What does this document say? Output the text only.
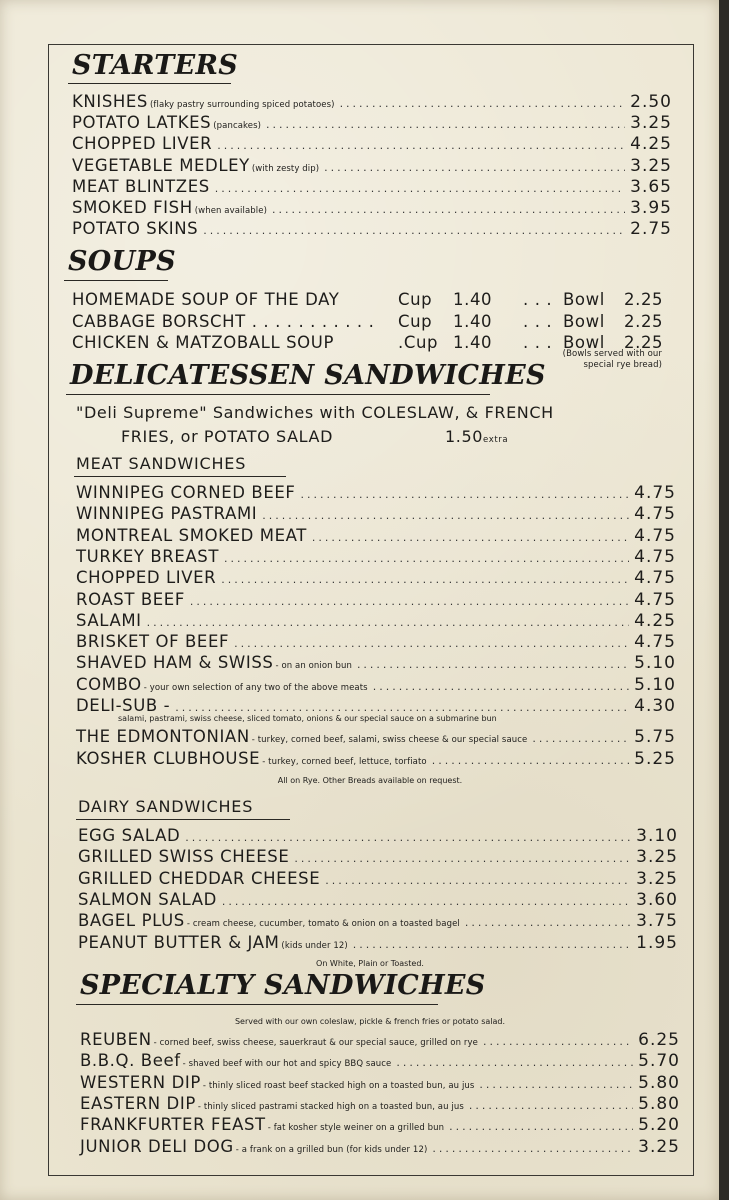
STARTERS
KNISHES (flaky pastry surrounding spiced potatoes) .....	2.50
POTATO LATKES (pancakes) .....	3.25
CHOPPED LIVER .....	4.25
VEGETABLE MEDLEY (with zesty dip) .....	3.25
MEAT BLINTZES .....	3.65
SMOKED FISH (when available) .....	3.95
POTATO SKINS .....	2.75
SOUPS
HOMEMADE SOUP OF THE DAY	Cup 1.40 . . . Bowl 2.25
CABBAGE BORSCHT . . . . . . . . . . . Cup 1.40 . . . Bowl 2.25
CHICKEN & MATZOBALL SOUP	.Cup 1.40 . . . Bowl 2.25
(Bowls served with our
special rye bread)
DELICATESSEN SANDWICHES
"Deli Supreme" Sandwiches with COLESLAW, & FRENCH
FRIES, or POTATO SALAD	1.50extra
MEAT SANDWICHES
WINNIPEG CORNED BEEF .....	4.75
WINNIPEG PASTRAMI .....	4.75
MONTREAL SMOKED MEAT .....	4.75
TURKEY BREAST .....	4.75
CHOPPED LIVER .....	4.75
ROAST BEEF .....	4.75
SALAMI .....	4.25
BRISKET OF BEEF .....	4.75
SHAVED HAM & SWISS - on an onion bun .....	5.10
COMBO - your own selection of any two of the above meats .....	5.10
DELI-SUB - .....	4.30
THE EDMONTONIAN - turkey, corned beef, salami, swiss cheese & our special sauce .....	5.75
KOSHER CLUBHOUSE - turkey, corned beef, lettuce, torfiato .....	5.25
salami, pastrami, swiss cheese, sliced tomato, onions & our special sauce on a submarine bun
All on Rye. Other Breads available on request.
DAIRY SANDWICHES
EGG SALAD .....	3.10
GRILLED SWISS CHEESE .....	3.25
GRILLED CHEDDAR CHEESE .....	3.25
SALMON SALAD .....	3.60
BAGEL PLUS - cream cheese, cucumber, tomato & onion on a toasted bagel .....	3.75
PEANUT BUTTER & JAM (kids under 12) .....	1.95
On White, Plain or Toasted.
SPECIALTY SANDWICHES
Served with our own coleslaw, pickle & french fries or potato salad.
REUBEN - corned beef, swiss cheese, sauerkraut & our special sauce, grilled on rye .....	6.25
B.B.Q. Beef - shaved beef with our hot and spicy BBQ sauce .....	5.70
WESTERN DIP - thinly sliced roast beef stacked high on a toasted bun, au jus .....	5.80
EASTERN DIP - thinly sliced pastrami stacked high on a toasted bun, au jus .....	5.80
FRANKFURTER FEAST - fat kosher style weiner on a grilled bun .....	5.20
JUNIOR DELI DOG - a frank on a grilled bun (for kids under 12) .....	3.25
